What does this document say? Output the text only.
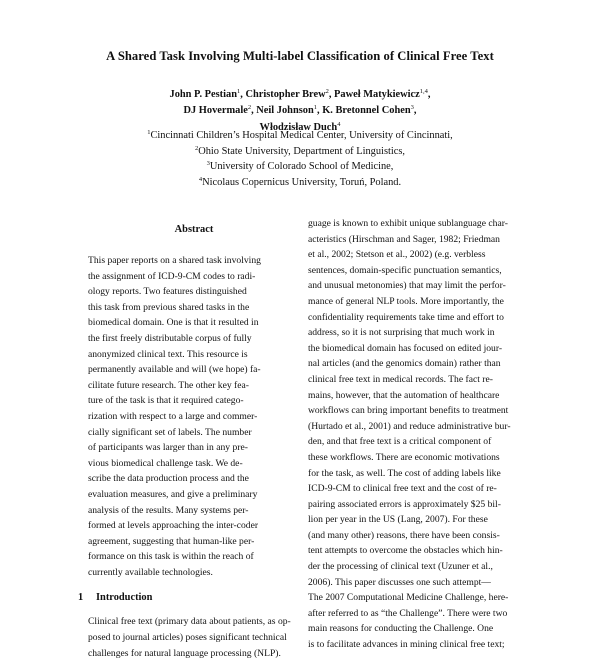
A Shared Task Involving Multi-label Classification of Clinical Free Text
John P. Pestian$^1$, Christopher Brew$^2$, Paweł Matykiewicz$^{1,4}$,
DJ Hovermale$^2$, Neil Johnson$^1$, K. Bretonnel Cohen$^3$,
Włodzisław Duch$^4$
$^1$Cincinnati Children’s Hospital Medical Center, University of Cincinnati,
$^2$Ohio State University, Department of Linguistics,
$^3$University of Colorado School of Medicine,
$^4$Nicolaus Copernicus University, Toruń, Poland.
Abstract
This paper reports on a shared task involving
the assignment of ICD-9-CM codes to radi-
ology reports. Two features distinguished
this task from previous shared tasks in the
biomedical domain. One is that it resulted in
the first freely distributable corpus of fully
anonymized clinical text. This resource is
permanently available and will (we hope) fa-
cilitate future research. The other key fea-
ture of the task is that it required catego-
rization with respect to a large and commer-
cially significant set of labels. The number
of participants was larger than in any pre-
vious biomedical challenge task. We de-
scribe the data production process and the
evaluation measures, and give a preliminary
analysis of the results. Many systems per-
formed at levels approaching the inter-coder
agreement, suggesting that human-like per-
formance on this task is within the reach of
currently available technologies.
1 Introduction
Clinical free text (primary data about patients, as op-
posed to journal articles) poses significant technical
challenges for natural language processing (NLP).
guage is known to exhibit unique sublanguage char-
acteristics (Hirschman and Sager, 1982; Friedman
et al., 2002; Stetson et al., 2002) (e.g. verbless
sentences, domain-specific punctuation semantics,
and unusual metonomies) that may limit the perfor-
mance of general NLP tools. More importantly, the
confidentiality requirements take time and effort to
address, so it is not surprising that much work in
the biomedical domain has focused on edited jour-
nal articles (and the genomics domain) rather than
clinical free text in medical records. The fact re-
mains, however, that the automation of healthcare
workflows can bring important benefits to treatment
(Hurtado et al., 2001) and reduce administrative bur-
den, and that free text is a critical component of
these workflows. There are economic motivations
for the task, as well. The cost of adding labels like
ICD-9-CM to clinical free text and the cost of re-
pairing associated errors is approximately $25 bil-
lion per year in the US (Lang, 2007). For these
(and many other) reasons, there have been consis-
tent attempts to overcome the obstacles which hin-
der the processing of clinical text (Uzuner et al.,
2006). This paper discusses one such attempt—
The 2007 Computational Medicine Challenge, here-
after referred to as “the Challenge”. There were two
main reasons for conducting the Challenge. One
is to facilitate advances in mining clinical free text;
